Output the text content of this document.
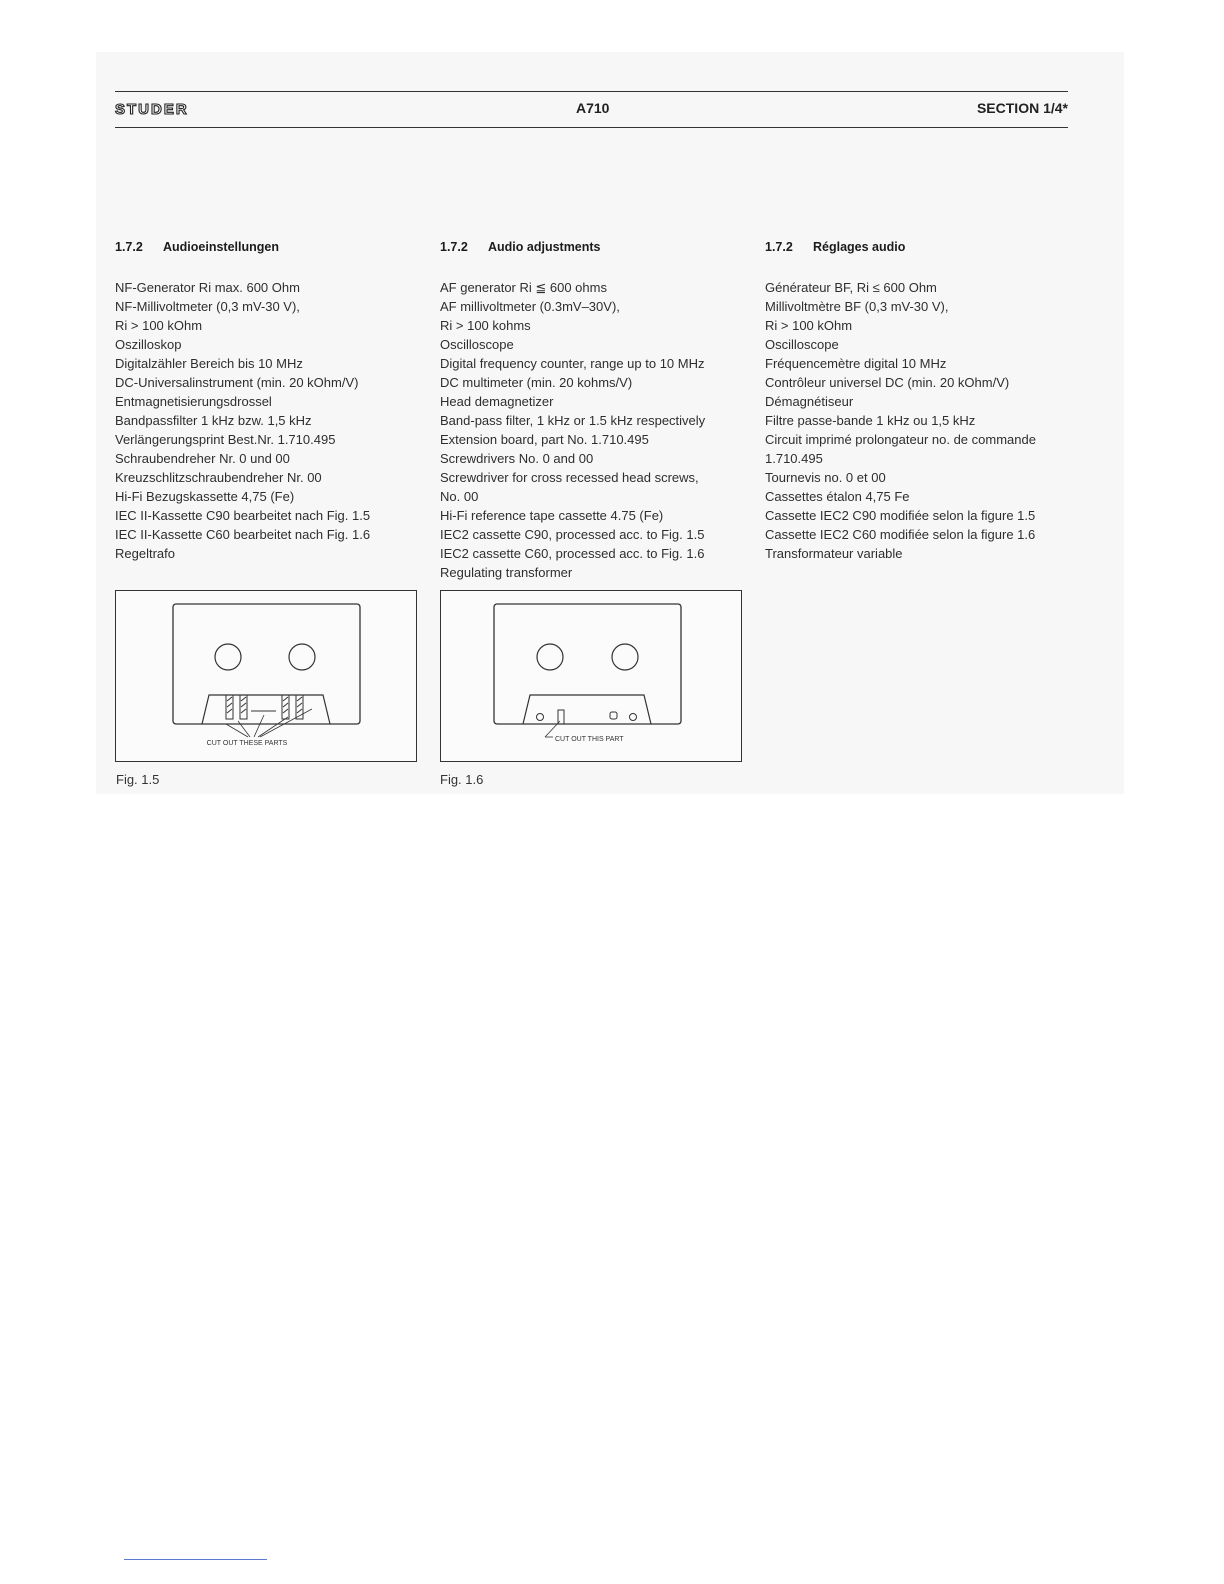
STUDER	A710	SECTION 1/4*
1.7.2 Audioeinstellungen
NF-Generator Ri max. 600 Ohm
NF-Millivoltmeter (0,3 mV-30 V),
Ri > 100 kOhm
Oszilloskop
Digitalzähler Bereich bis 10 MHz
DC-Universalinstrument (min. 20 kOhm/V)
Entmagnetisierungsdrossel
Bandpassfilter 1 kHz bzw. 1,5 kHz
Verlängerungsprint Best.Nr. 1.710.495
Schraubendreher Nr. 0 und 00
Kreuzschlitzschraubendreher Nr. 00
Hi-Fi Bezugskassette 4,75 (Fe)
IEC II-Kassette C90 bearbeitet nach Fig. 1.5
IEC II-Kassette C60 bearbeitet nach Fig. 1.6
Regeltrafo
1.7.2 Audio adjustments
AF generator Ri ≦ 600 ohms
AF millivoltmeter (0.3mV–30V),
Ri > 100 kohms
Oscilloscope
Digital frequency counter, range up to 10 MHz
DC multimeter (min. 20 kohms/V)
Head demagnetizer
Band-pass filter, 1 kHz or 1.5 kHz respectively
Extension board, part No. 1.710.495
Screwdrivers No. 0 and 00
Screwdriver for cross recessed head screws,
No. 00
Hi-Fi reference tape cassette 4.75 (Fe)
IEC2 cassette C90, processed acc. to Fig. 1.5
IEC2 cassette C60, processed acc. to Fig. 1.6
Regulating transformer
1.7.2 Réglages audio
Générateur BF, Ri ≤ 600 Ohm
Millivoltmètre BF (0,3 mV-30 V),
Ri > 100 kOhm
Oscilloscope
Fréquencemètre digital 10 MHz
Contrôleur universel DC (min. 20 kOhm/V)
Démagnétiseur
Filtre passe-bande 1 kHz ou 1,5 kHz
Circuit imprimé prolongateur no. de commande
1.710.495
Tournevis no. 0 et 00
Cassettes étalon 4,75 Fe
Cassette IEC2 C90 modifiée selon la figure 1.5
Cassette IEC2 C60 modifiée selon la figure 1.6
Transformateur variable
CUT OUT THESE PARTS
Fig. 1.5
CUT OUT THIS PART
Fig. 1.6
